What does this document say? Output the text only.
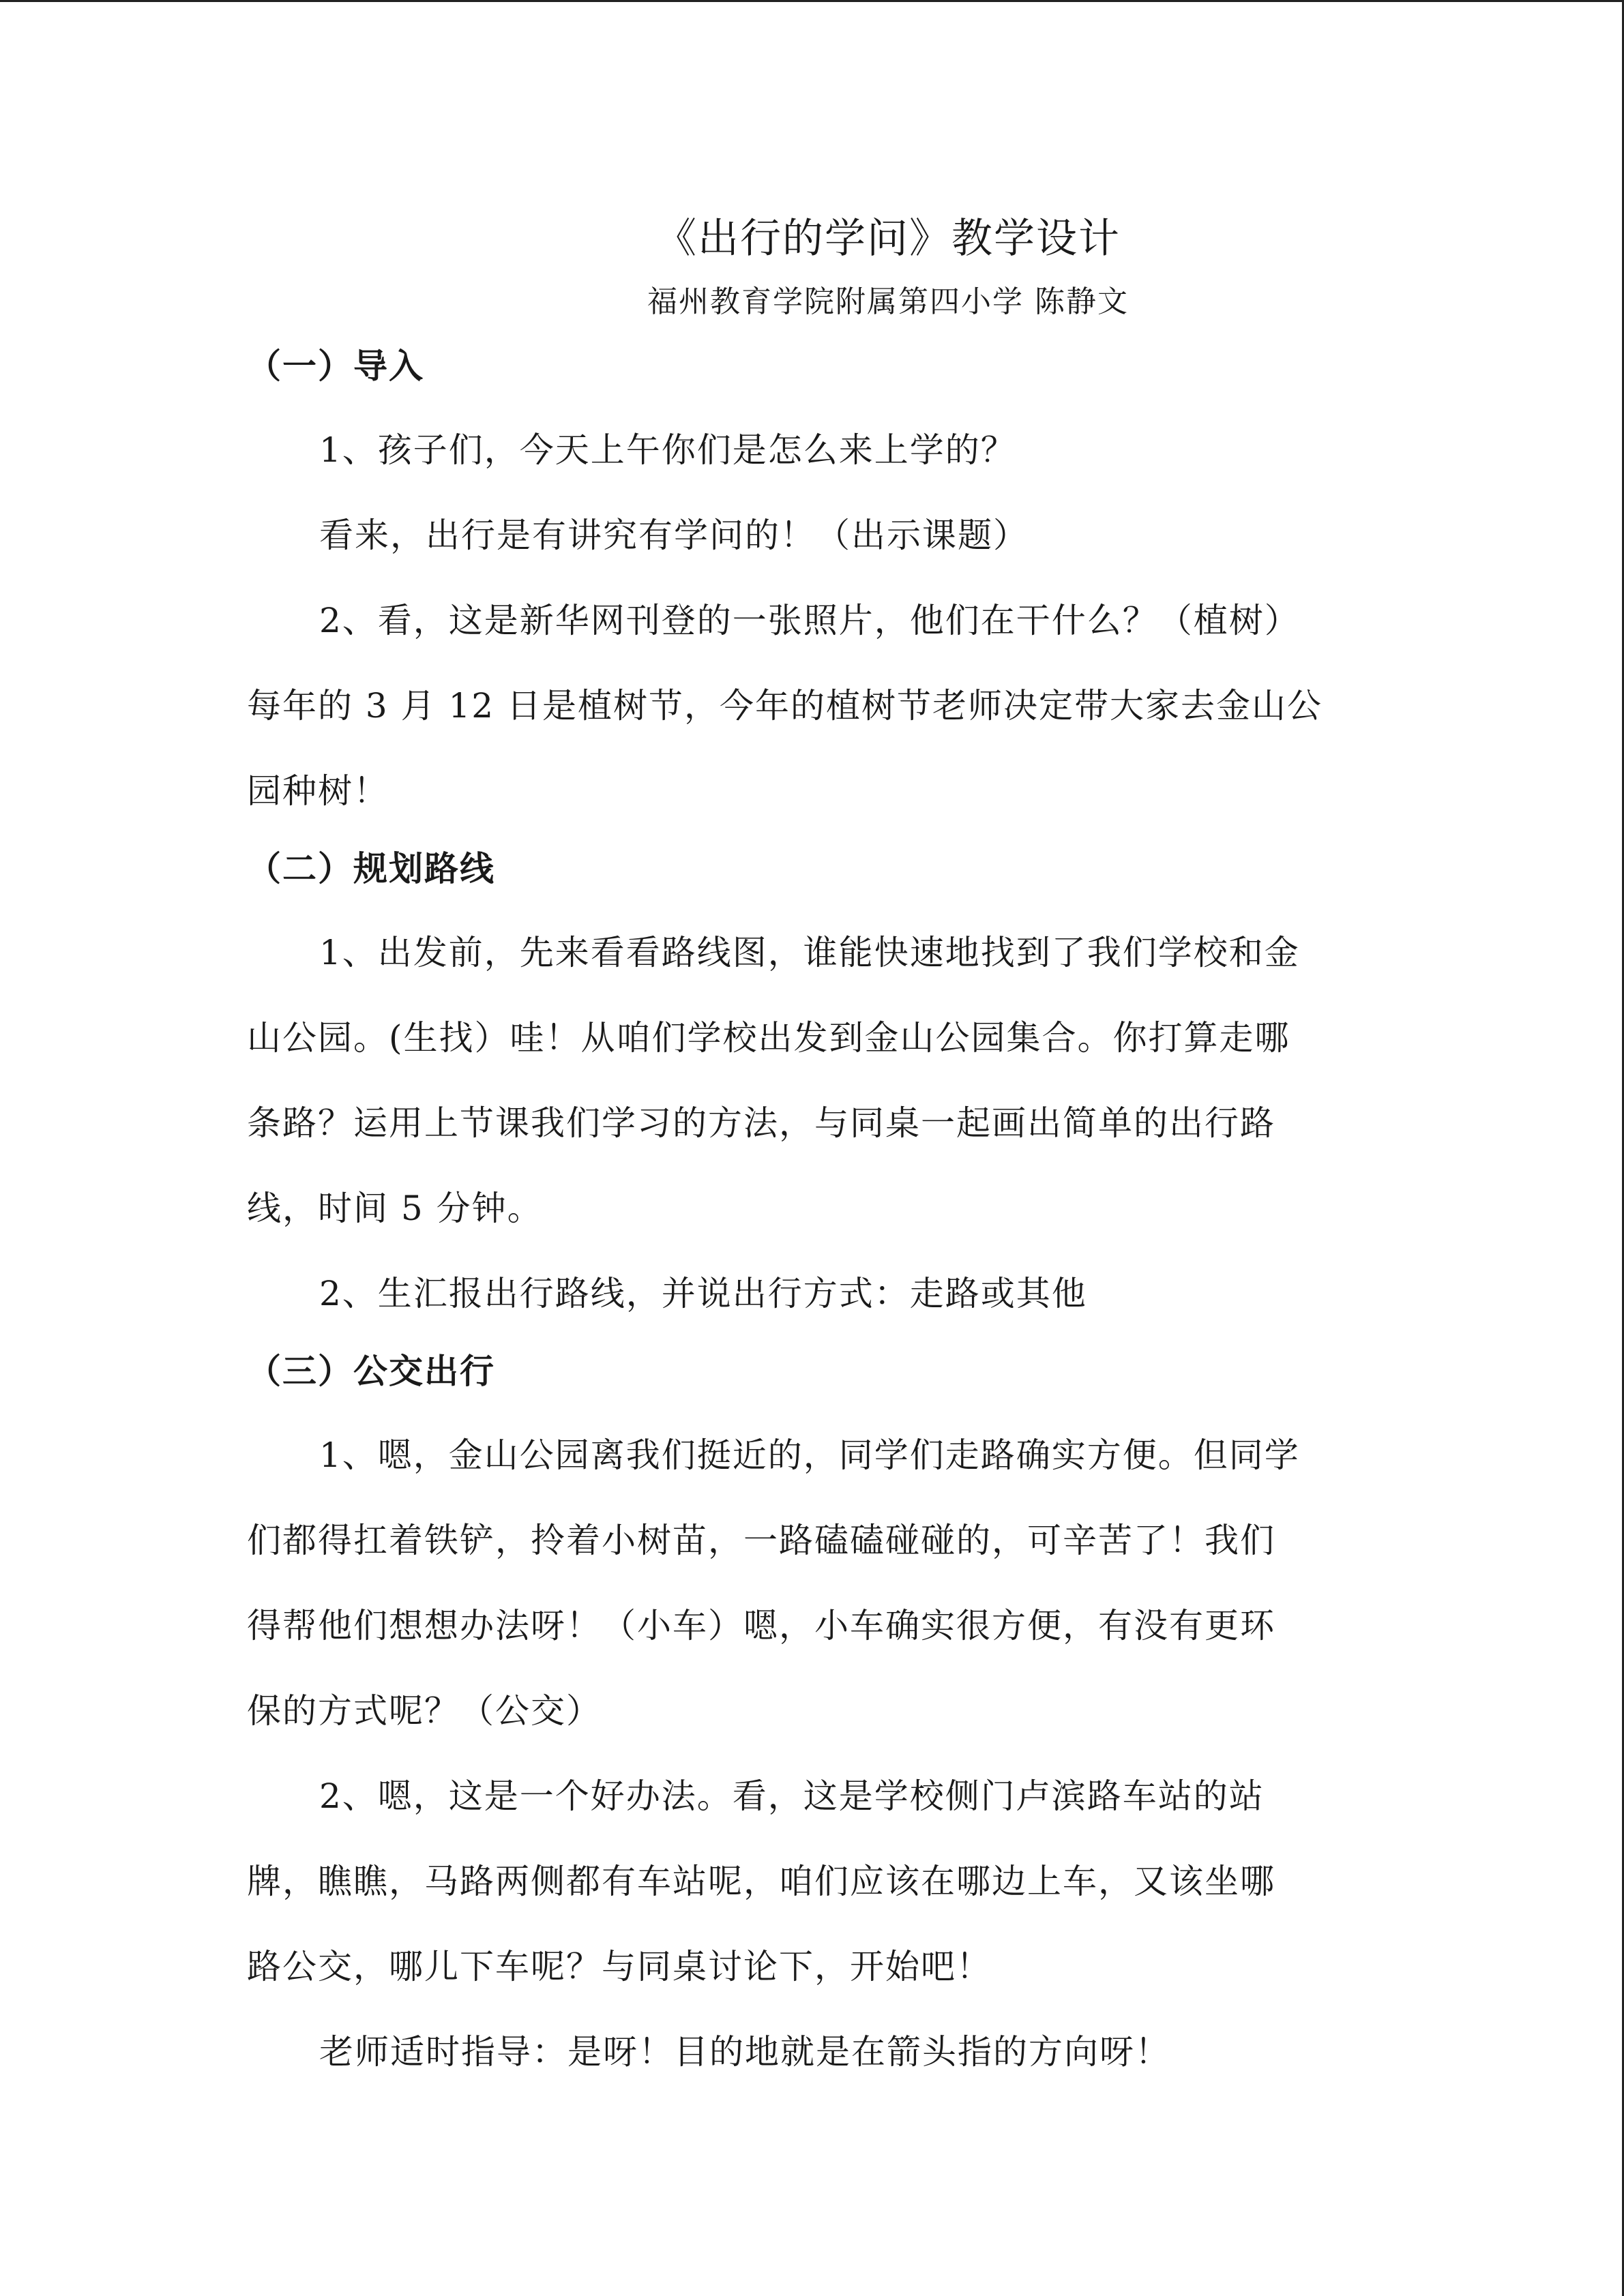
《出行的学问》教学设计
福州教育学院附属第四小学 陈静文
（一）导入
1、孩子们，今天上午你们是怎么来上学的？
看来，出行是有讲究有学问的！（出示课题）
2、看，这是新华网刊登的一张照片，他们在干什么？（植树）
每年的 3 月 12 日是植树节，今年的植树节老师决定带大家去金山公
园种树！
（二）规划路线
1、出发前，先来看看路线图，谁能快速地找到了我们学校和金
山公园。(生找）哇！从咱们学校出发到金山公园集合。你打算走哪
条路？运用上节课我们学习的方法，与同桌一起画出简单的出行路
线，时间 5 分钟。
2、生汇报出行路线，并说出行方式：走路或其他
（三）公交出行
1、嗯，金山公园离我们挺近的，同学们走路确实方便。但同学
们都得扛着铁铲，拎着小树苗，一路磕磕碰碰的，可辛苦了！我们
得帮他们想想办法呀！（小车）嗯，小车确实很方便，有没有更环
保的方式呢？（公交）
2、嗯，这是一个好办法。看，这是学校侧门卢滨路车站的站
牌，瞧瞧，马路两侧都有车站呢，咱们应该在哪边上车，又该坐哪
路公交，哪儿下车呢？与同桌讨论下，开始吧！
老师适时指导：是呀！目的地就是在箭头指的方向呀！
